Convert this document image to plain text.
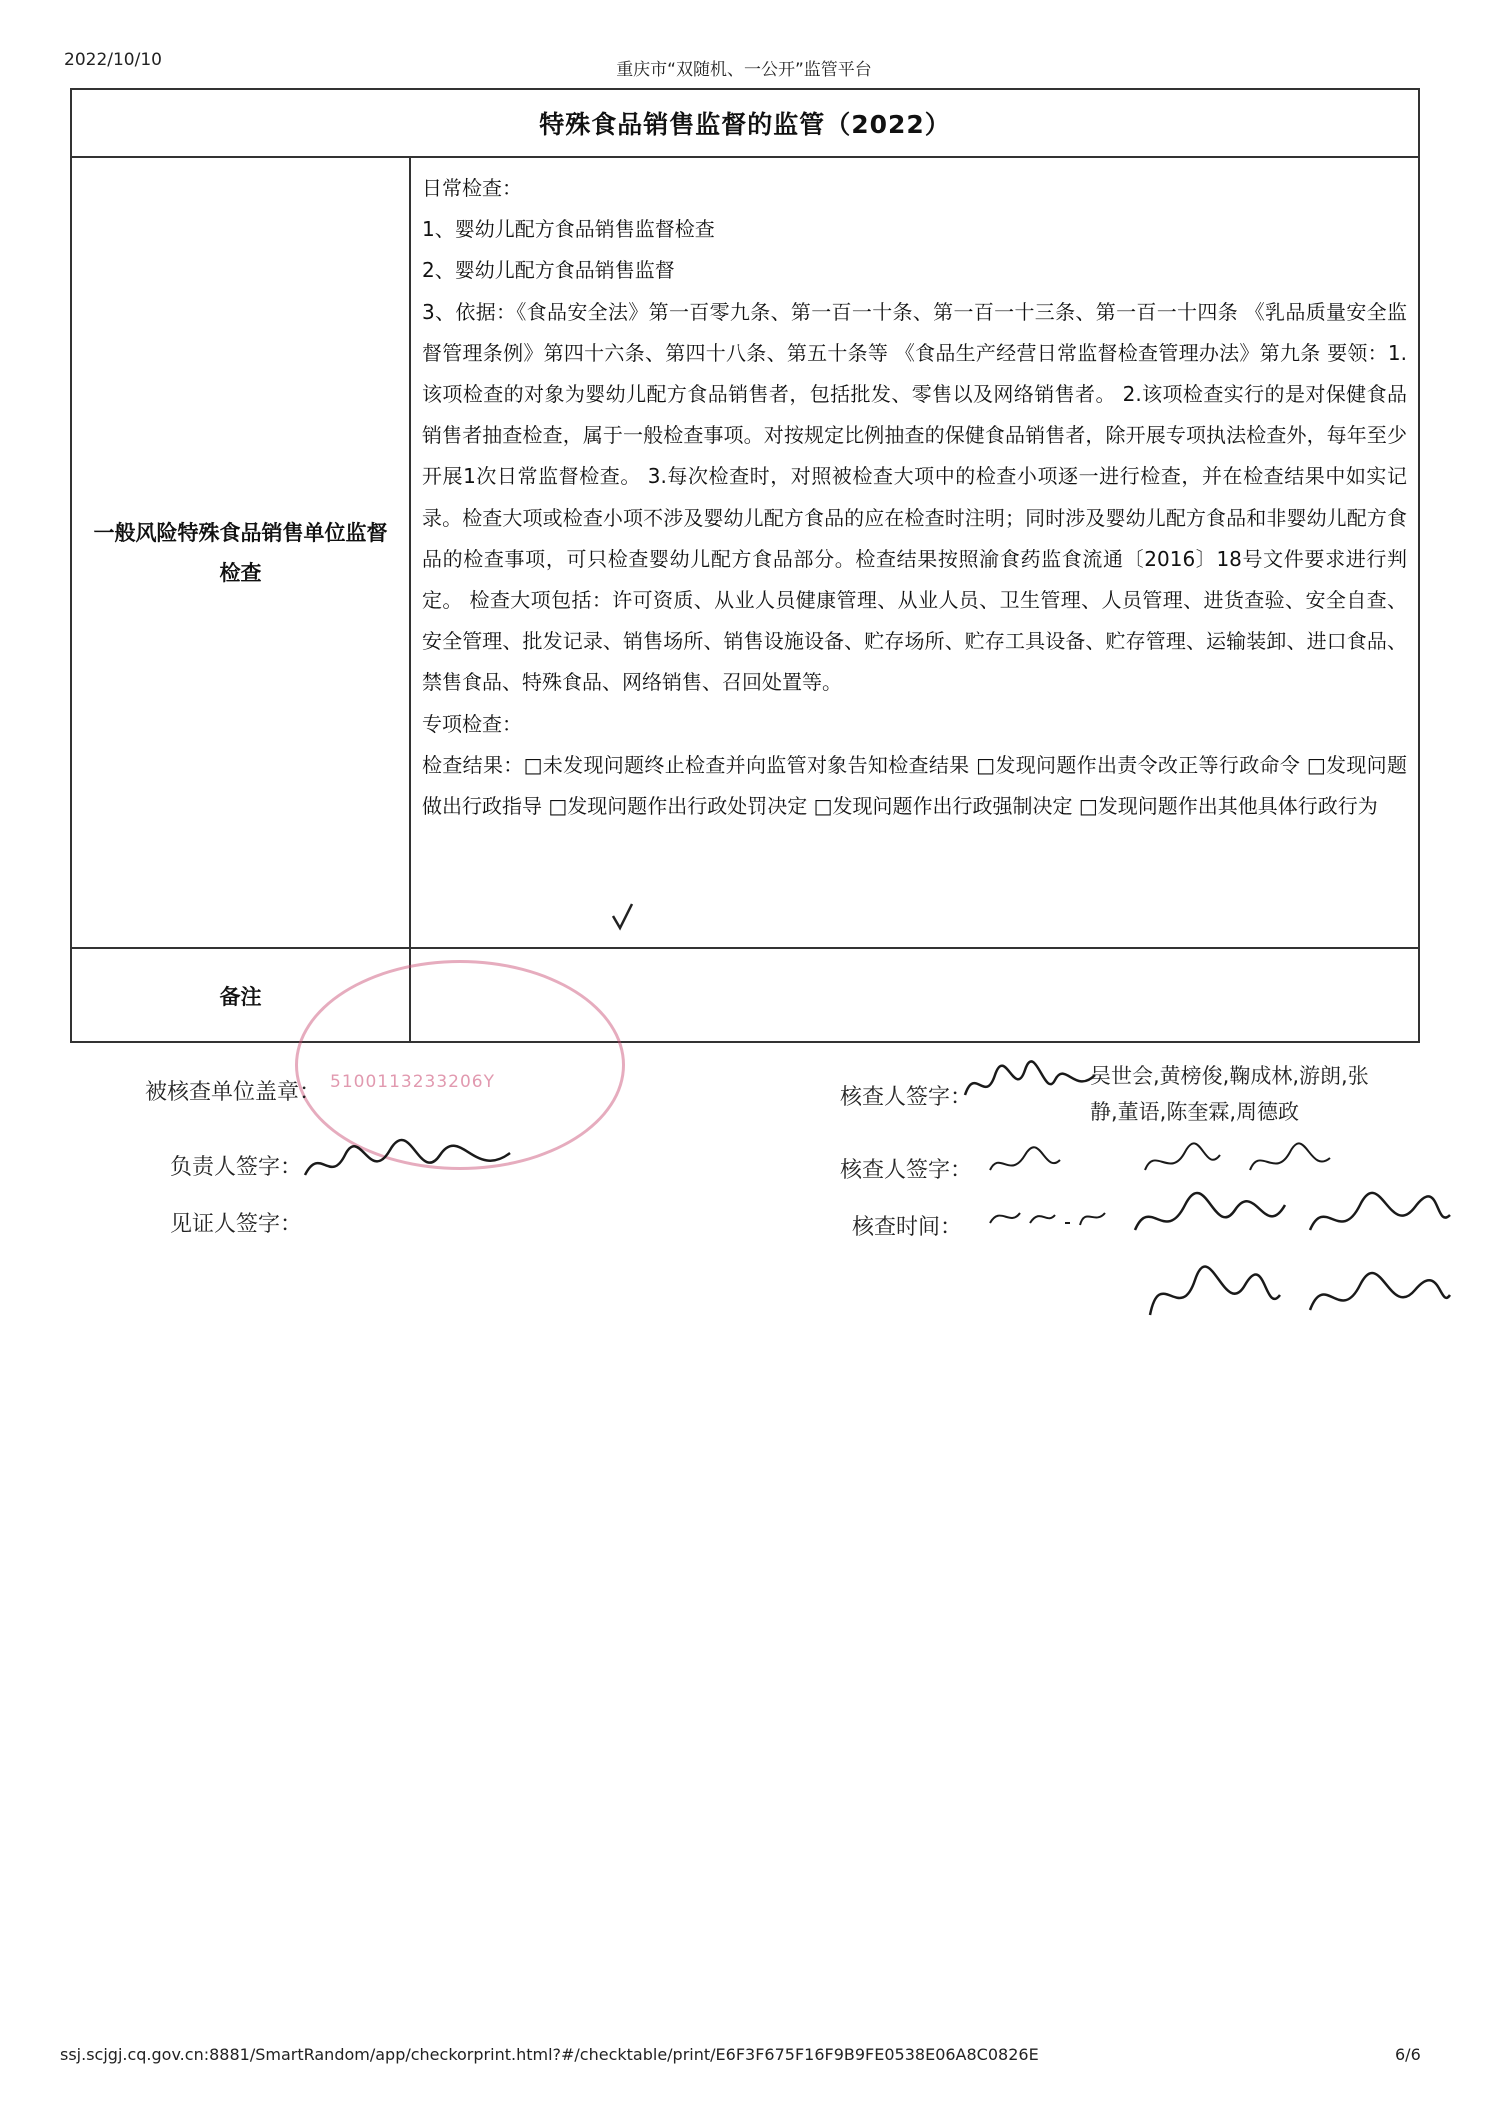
2022/10/10	重庆市“双随机、一公开”监管平台
特殊食品销售监督的监管（2022）
一般风险特殊食品销售单位监督检查

日常检查：

1、婴幼儿配方食品销售监督检查

2、婴幼儿配方食品销售监督

3、依据：《食品安全法》第一百零九条、第一百一十条、第一百一十三条、第一百一十四条 《乳品质量安全监督管理条例》第四十六条、第四十八条、第五十条等 《食品生产经营日常监督检查管理办法》第九条 要领：1.该项检查的对象为婴幼儿配方食品销售者，包括批发、零售以及网络销售者。 2.该项检查实行的是对保健食品销售者抽查检查，属于一般检查事项。对按规定比例抽查的保健食品销售者，除开展专项执法检查外，每年至少开展1次日常监督检查。 3.每次检查时，对照被检查大项中的检查小项逐一进行检查，并在检查结果中如实记录。检查大项或检查小项不涉及婴幼儿配方食品的应在检查时注明；同时涉及婴幼儿配方食品和非婴幼儿配方食品的检查事项，可只检查婴幼儿配方食品部分。检查结果按照渝食药监食流通〔2016〕18号文件要求进行判定。 检查大项包括：许可资质、从业人员健康管理、从业人员、卫生管理、人员管理、进货查验、安全自查、安全管理、批发记录、销售场所、销售设施设备、贮存场所、贮存工具设备、贮存管理、运输装卸、进口食品、禁售食品、特殊食品、网络销售、召回处置等。

专项检查：

检查结果：□未发现问题终止检查并向监管对象告知检查结果 □发现问题作出责令改正等行政命令 □发现问题做出行政指导 □发现问题作出行政处罚决定 □发现问题作出行政强制决定 □发现问题作出其他具体行政行为

备注
5100113233206Y
被核查单位盖章：
负责人签字：
见证人签字：
核查人签字：
吴世会,黄榜俊,鞠成林,游朗,张静,董语,陈奎霖,周德政
核查人签字：
核查时间：
ssj.scjgj.cq.gov.cn:8881/SmartRandom/app/checkorprint.html?#/checktable/print/E6F3F675F16F9B9FE0538E06A8C0826E	6/6
